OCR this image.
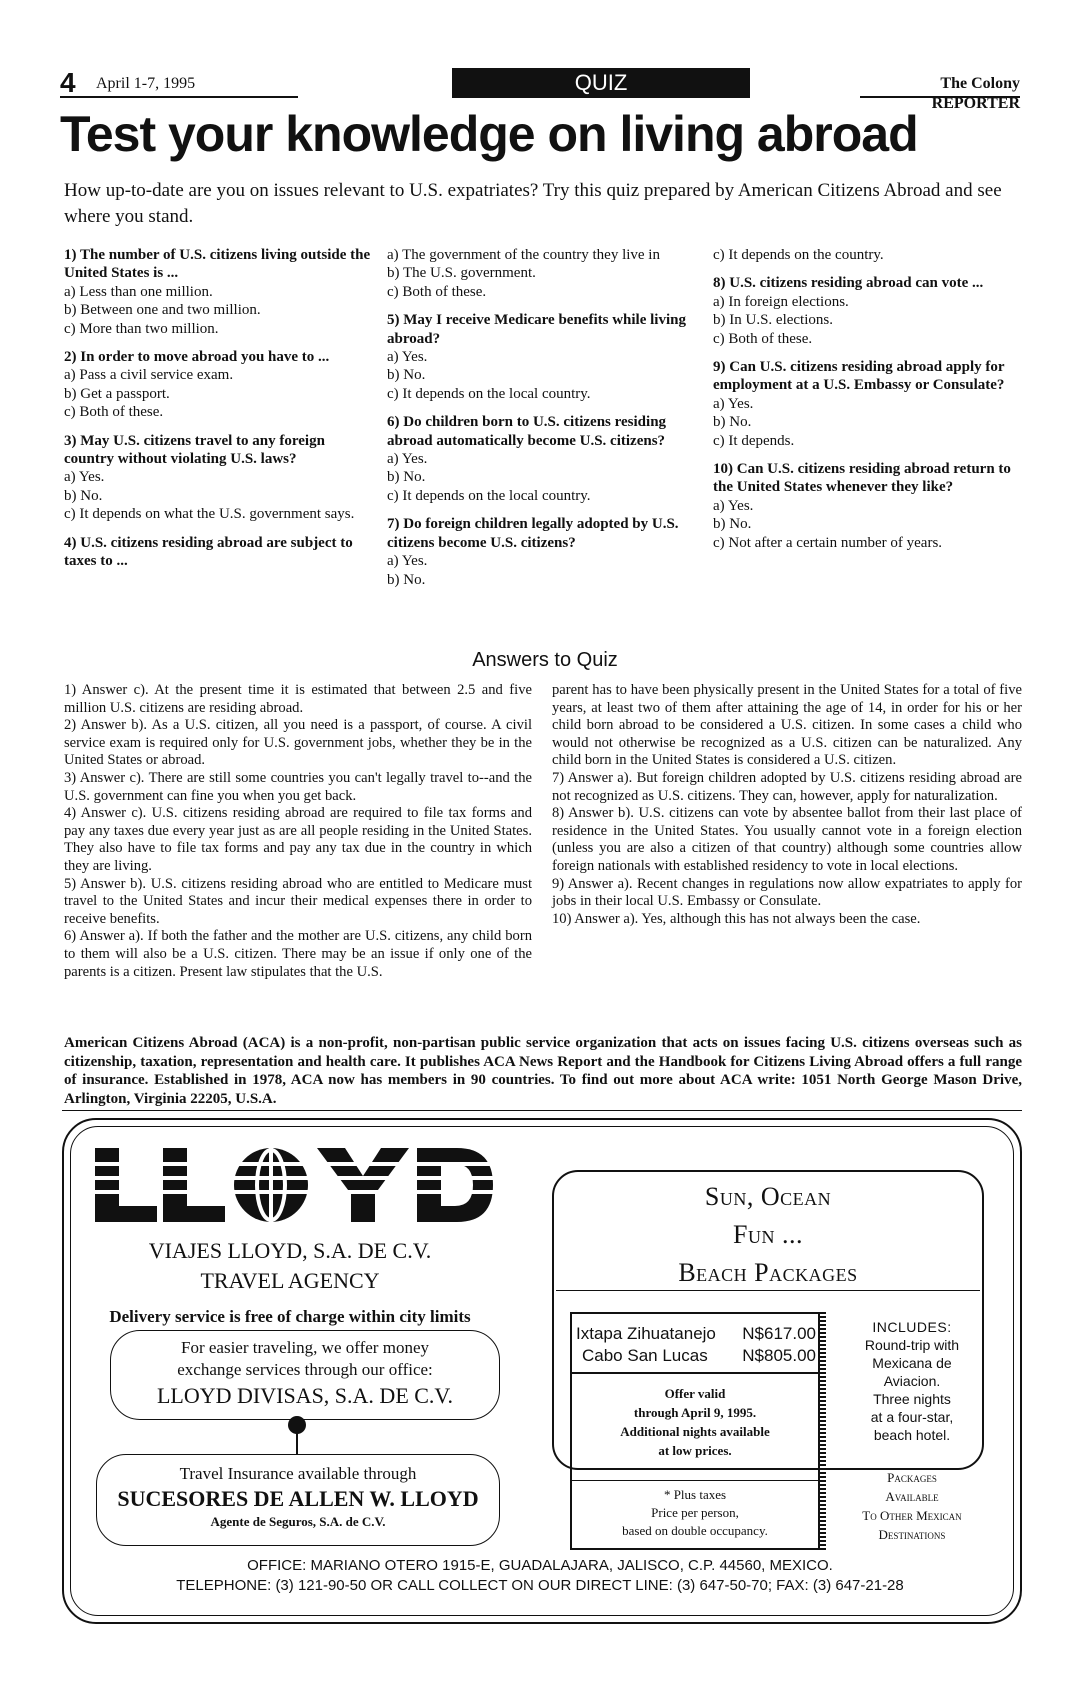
4 April 1-7, 1995	QUIZ	The Colony REPORTER
Test your knowledge on living abroad
How up-to-date are you on issues relevant to U.S. expatriates? Try this quiz prepared by American Citizens Abroad and see where you stand.
1) The number of U.S. citizens living outside the United States is ...
a) Less than one million.
b) Between one and two million.
c) More than two million.
2) In order to move abroad you have to ...
a) Pass a civil service exam.
b) Get a passport.
c) Both of these.
3) May U.S. citizens travel to any foreign country without violating U.S. laws?
a) Yes.
b) No.
c) It depends on what the U.S. government says.
4) U.S. citizens residing abroad are subject to taxes to ...
a) The government of the country they live in
b) The U.S. government.
c) Both of these.
5) May I receive Medicare benefits while living abroad?
a) Yes.
b) No.
c) It depends on the local country.
6) Do children born to U.S. citizens residing abroad automatically become U.S. citizens?
a) Yes.
b) No.
c) It depends on the local country.
7) Do foreign children legally adopted by U.S. citizens become U.S. citizens?
a) Yes.
b) No.
c) It depends on the country.
8) U.S. citizens residing abroad can vote ...
a) In foreign elections.
b) In U.S. elections.
c) Both of these.
9) Can U.S. citizens residing abroad apply for employment at a U.S. Embassy or Consulate?
a) Yes.
b) No.
c) It depends.
10) Can U.S. citizens residing abroad return to the United States whenever they like?
a) Yes.
b) No.
c) Not after a certain number of years.
Answers to Quiz

1) Answer c). At the present time it is estimated that between 2.5 and five million U.S. citizens are residing abroad.

2) Answer b). As a U.S. citizen, all you need is a passport, of course. A civil service exam is required only for U.S. government jobs, whether they be in the United States or abroad.

3) Answer c). There are still some countries you can't legally travel to--and the U.S. government can fine you when you get back.

4) Answer c). U.S. citizens residing abroad are required to file tax forms and pay any taxes due every year just as are all people residing in the United States. They also have to file tax forms and pay any tax due in the country in which they are living.

5) Answer b). U.S. citizens residing abroad who are entitled to Medicare must travel to the United States and incur their medical expenses there in order to receive benefits.

6) Answer a). If both the father and the mother are U.S. citizens, any child born to them will also be a U.S. citizen. There may be an issue if only one of the parents is a citizen. Present law stipulates that the U.S.

parent has to have been physically present in the United States for a total of five years, at least two of them after attaining the age of 14, in order for his or her child born abroad to be considered a U.S. citizen. In some cases a child who would not otherwise be recognized as a U.S. citizen can be naturalized. Any child born in the United States is considered a U.S. citizen.

7) Answer a). But foreign children adopted by U.S. citizens residing abroad are not recognized as U.S. citizens. They can, however, apply for naturalization.

8) Answer b). U.S. citizens can vote by absentee ballot from their last place of residence in the United States. You usually cannot vote in a foreign election (unless you are also a citizen of that country) although some countries allow foreign nationals with established residency to vote in local elections.

9) Answer a). Recent changes in regulations now allow expatriates to apply for jobs in their local U.S. Embassy or Consulate.

10) Answer a). Yes, although this has not always been the case.

American Citizens Abroad (ACA) is a non-profit, non-partisan public service organization that acts on issues facing U.S. citizens overseas such as citizenship, taxation, representation and health care. It publishes ACA News Report and the Handbook for Citizens Living Abroad offers a full range of insurance. Established in 1978, ACA now has members in 90 countries. To find out more about ACA write: 1051 North George Mason Drive, Arlington, Virginia 22205, U.S.A.
VIAJES LLOYD, S.A. DE C.V.
TRAVEL AGENCY
Delivery service is free of charge within city limits
For easier traveling, we offer money
exchange services through our office:
LLOYD DIVISAS, S.A. DE C.V.
Travel Insurance available through
SUCESORES DE ALLEN W. LLOYD
Agente de Seguros, S.A. de C.V.
Sun, Ocean
Fun ...
Beach Packages
Ixtapa Zihuatanejo N$617.00
Cabo San Lucas N$805.00
Offer valid
through April 9, 1995.
Additional nights available
at low prices.
* Plus taxes
Price per person,
based on double occupancy.
INCLUDES:
Round-trip with
Mexicana de
Aviacion.
Three nights
at a four-star,
beach hotel.
Packages
Available
To Other Mexican
Destinations
OFFICE: MARIANO OTERO 1915-E, GUADALAJARA, JALISCO, C.P. 44560, MEXICO.
TELEPHONE: (3) 121-90-50 OR CALL COLLECT ON OUR DIRECT LINE: (3) 647-50-70; FAX: (3) 647-21-28
